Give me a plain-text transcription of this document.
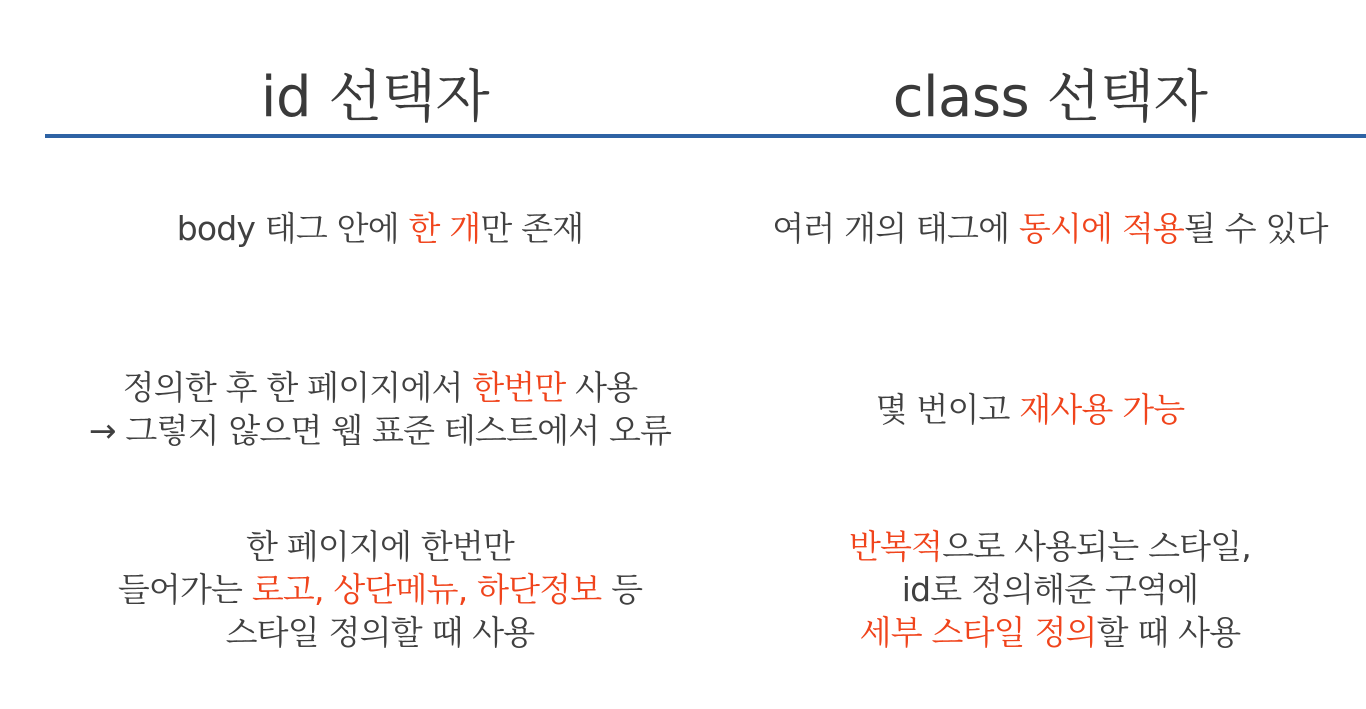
id 선택자	class 선택자
body 태그 안에 한 개만 존재	여러 개의 태그에 동시에 적용될 수 있다
정의한 후 한 페이지에서 한번만 사용
→ 그렇지 않으면 웹 표준 테스트에서 오류
몇 번이고 재사용 가능
한 페이지에 한번만
들어가는 로고, 상단메뉴, 하단정보 등
스타일 정의할 때 사용
반복적으로 사용되는 스타일,
id로 정의해준 구역에
세부 스타일 정의할 때 사용
